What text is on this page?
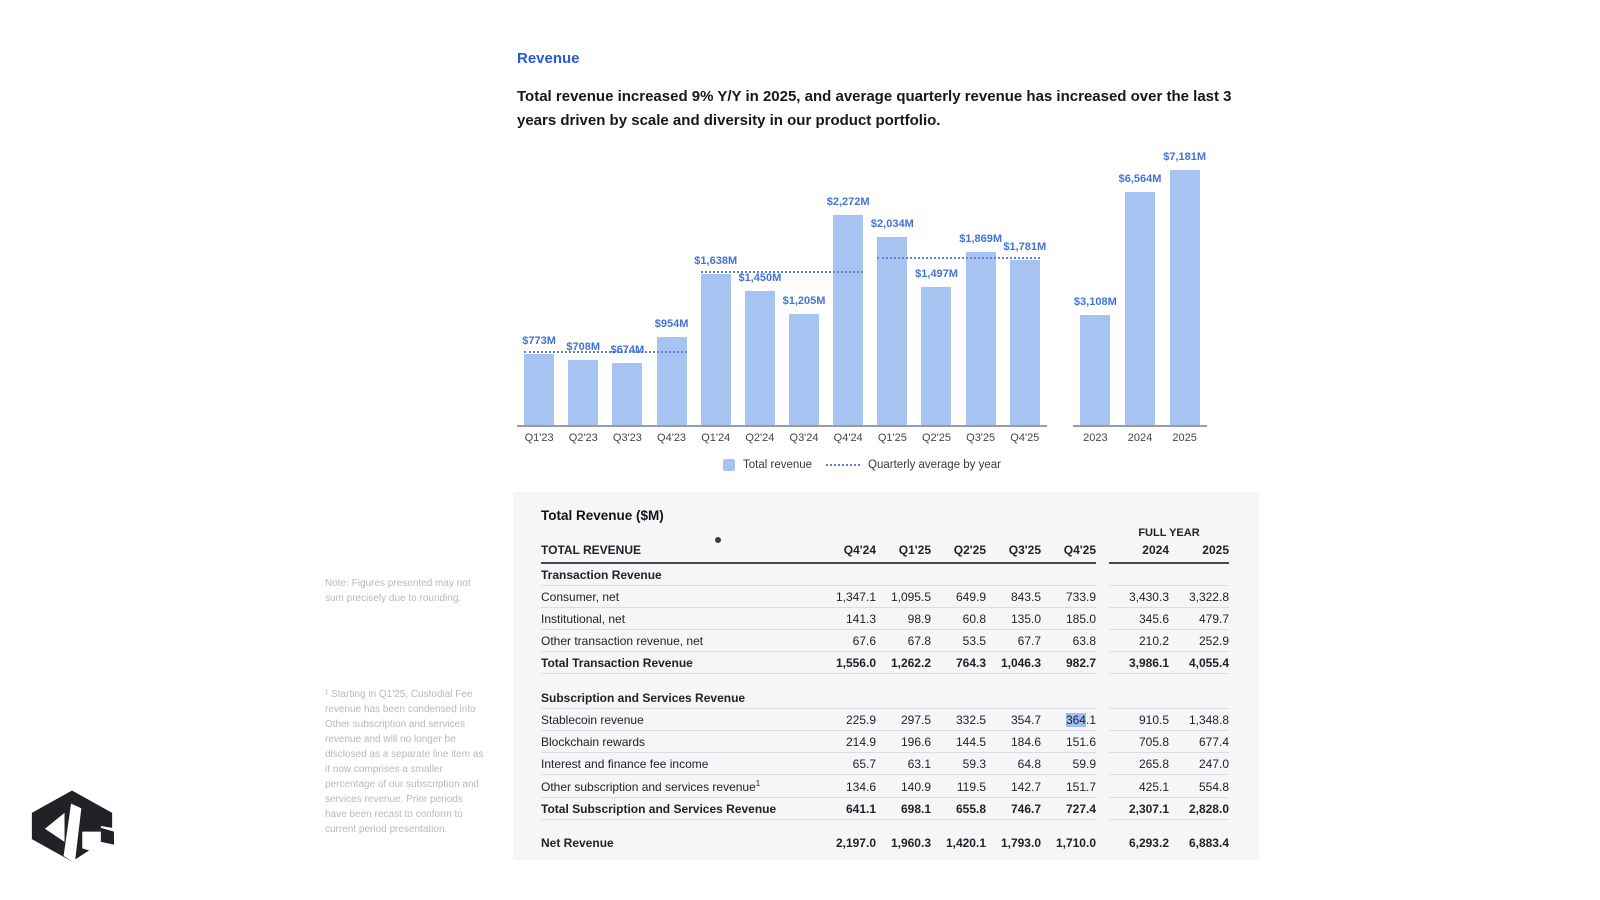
Revenue
Total revenue increased 9% Y/Y in 2025, and average quarterly revenue has increased over the last 3 years driven by scale and diversity in our product portfolio.
$773M
Q1'23
$708M
Q2'23
$674M
Q3'23
$954M
Q4'23
$1,638M
Q1'24
$1,450M
Q2'24
$1,205M
Q3'24
$2,272M
Q4'24
$2,034M
Q1'25
$1,497M
Q2'25
$1,869M
Q3'25
$1,781M
Q4'25
$3,108M
2023
$6,564M
2024
$7,181M
2025
Total revenue	Quarterly average by year
Total Revenue ($M)
							FULL YEAR	
TOTAL REVENUE	Q4'24	Q1'25	Q2'25	Q3'25	Q4'25		2024	2025
Transaction Revenue								
Consumer, net	1,347.1	1,095.5	649.9	843.5	733.9		3,430.3	3,322.8
Institutional, net	141.3	98.9	60.8	135.0	185.0		345.6	479.7
Other transaction revenue, net	67.6	67.8	53.5	67.7	63.8		210.2	252.9
Total Transaction Revenue	1,556.0	1,262.2	764.3	1,046.3	982.7		3,986.1	4,055.4

Subscription and Services Revenue								
Stablecoin revenue	225.9	297.5	332.5	354.7	364.1		910.5	1,348.8
Blockchain rewards	214.9	196.6	144.5	184.6	151.6		705.8	677.4
Interest and finance fee income	65.7	63.1	59.3	64.8	59.9		265.8	247.0
Other subscription and services revenue$^1$	134.6	140.9	119.5	142.7	151.7		425.1	554.8
Total Subscription and Services Revenue	641.1	698.1	655.8	746.7	727.4		2,307.1	2,828.0

Net Revenue	2,197.0	1,960.3	1,420.1	1,793.0	1,710.0		6,293.2	6,883.4
Note: Figures presented may not sum precisely due to rounding.
¹ Starting in Q1'25, Custodial Fee revenue has been condensed into Other subscription and services revenue and will no longer be disclosed as a separate line item as it now comprises a smaller percentage of our subscription and services revenue. Prior periods have been recast to conform to current period presentation.
